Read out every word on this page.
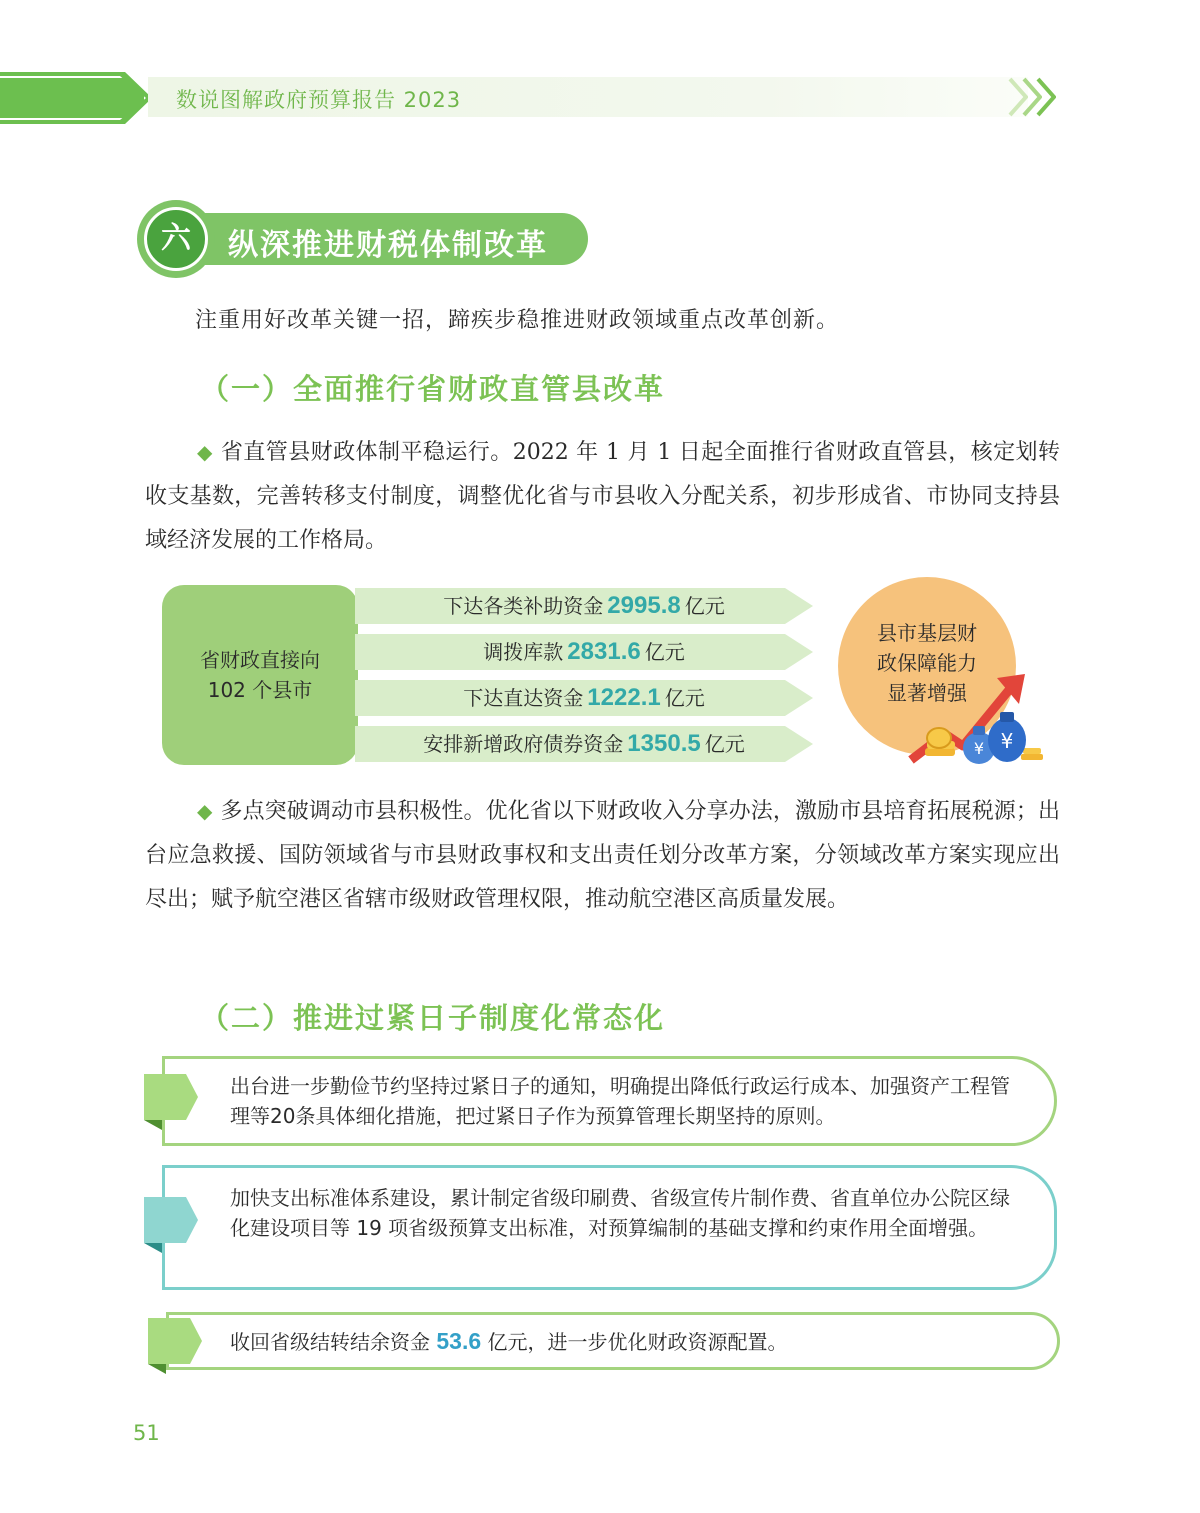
数说图解政府预算报告 2023
六	纵深推进财税体制改革
注重用好改革关键一招，蹄疾步稳推进财政领域重点改革创新。
（一）全面推行省财政直管县改革
◆ 省直管县财政体制平稳运行。2022 年 1 月 1 日起全面推行省财政直管县，核定划转收支基数，完善转移支付制度，调整优化省与市县收入分配关系，初步形成省、市协同支持县域经济发展的工作格局。
省财政直接向
102 个县市
下达各类补助资金 2995.8 亿元
调拨库款 2831.6 亿元
下达直达资金 1222.1 亿元
安排新增政府债券资金 1350.5 亿元
县市基层财
政保障能力
显著增强
¥ ¥
◆ 多点突破调动市县积极性。优化省以下财政收入分享办法，激励市县培育拓展税源；出台应急救援、国防领域省与市县财政事权和支出责任划分改革方案，分领域改革方案实现应出尽出；赋予航空港区省辖市级财政管理权限，推动航空港区高质量发展。
（二）推进过紧日子制度化常态化
出台进一步勤俭节约坚持过紧日子的通知，明确提出降低行政运行成本、加强资产工程管理等20条具体细化措施，把过紧日子作为预算管理长期坚持的原则。
加快支出标准体系建设，累计制定省级印刷费、省级宣传片制作费、省直单位办公院区绿化建设项目等 19 项省级预算支出标准，对预算编制的基础支撑和约束作用全面增强。
收回省级结转结余资金 53.6 亿元，进一步优化财政资源配置。
51
